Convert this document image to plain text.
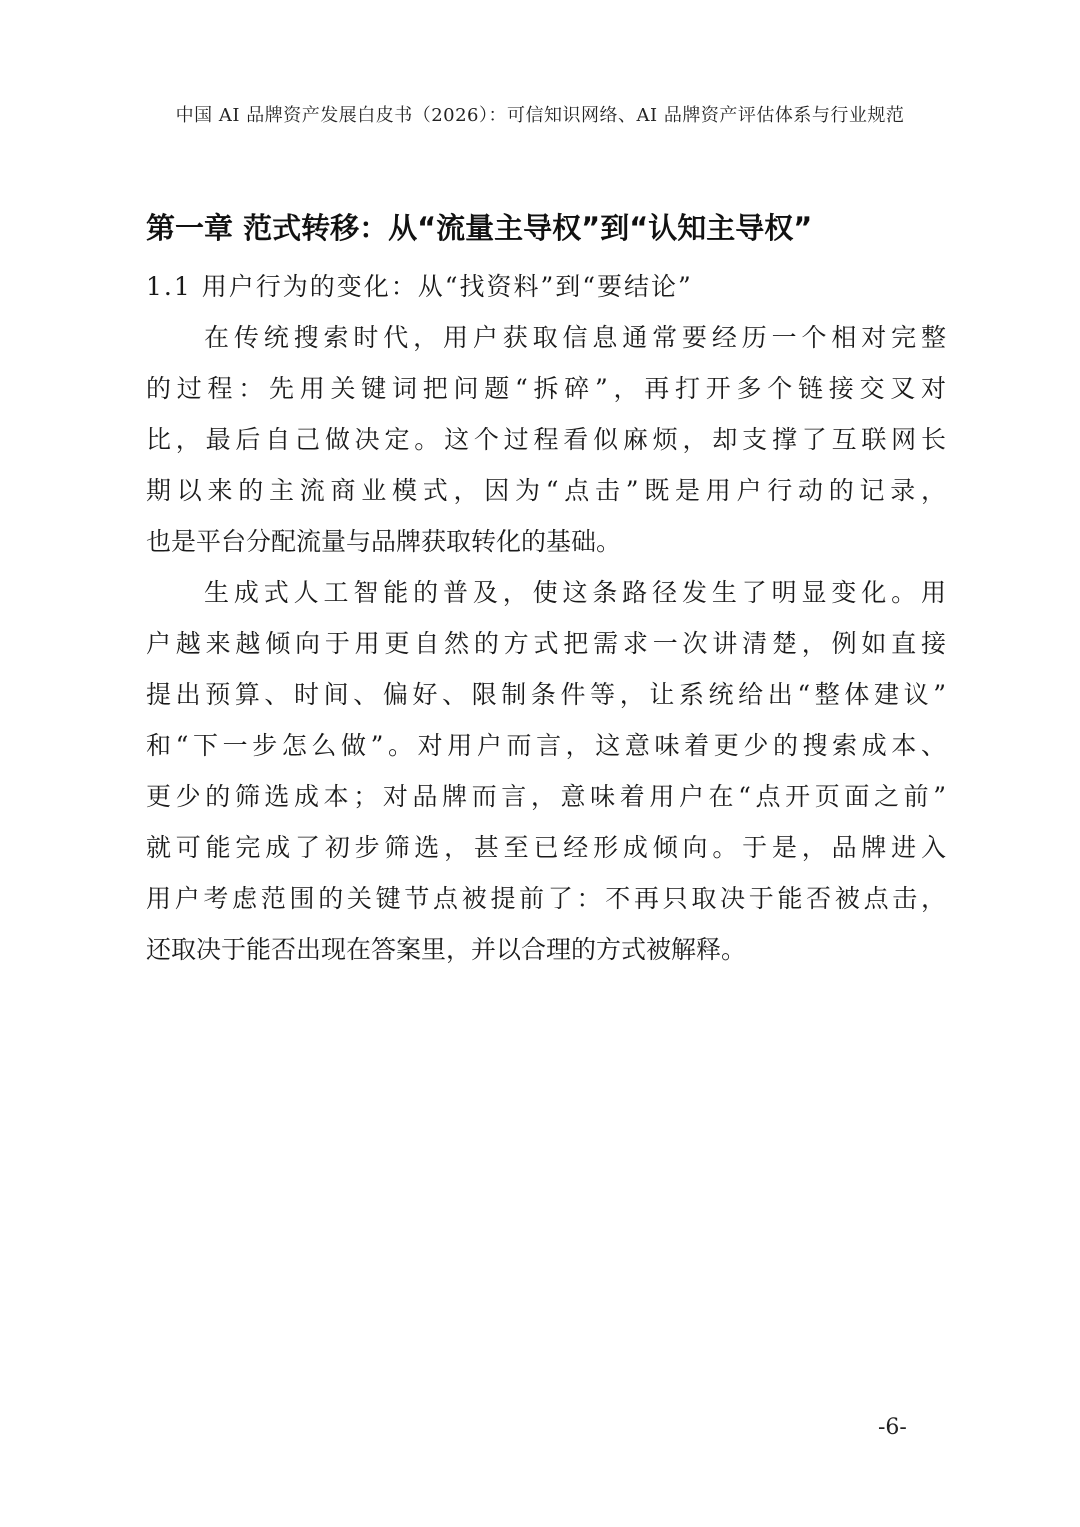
中国 AI 品牌资产发展白皮书（2026）：可信知识网络、AI 品牌资产评估体系与行业规范
第一章 范式转移：从“流量主导权”到“认知主导权”
1.1 用户行为的变化：从“找资料”到“要结论”
在传统搜索时代，用户获取信息通常要经历一个相对完整
的过程：先用关键词把问题“拆碎”，再打开多个链接交叉对
比，最后自己做决定。这个过程看似麻烦，却支撑了互联网长
期以来的主流商业模式，因为“点击”既是用户行动的记录，
也是平台分配流量与品牌获取转化的基础。
生成式人工智能的普及，使这条路径发生了明显变化。用
户越来越倾向于用更自然的方式把需求一次讲清楚，例如直接
提出预算、时间、偏好、限制条件等，让系统给出“整体建议”
和“下一步怎么做”。对用户而言，这意味着更少的搜索成本、
更少的筛选成本；对品牌而言，意味着用户在“点开页面之前”
就可能完成了初步筛选，甚至已经形成倾向。于是，品牌进入
用户考虑范围的关键节点被提前了：不再只取决于能否被点击，
还取决于能否出现在答案里，并以合理的方式被解释。
-6-
